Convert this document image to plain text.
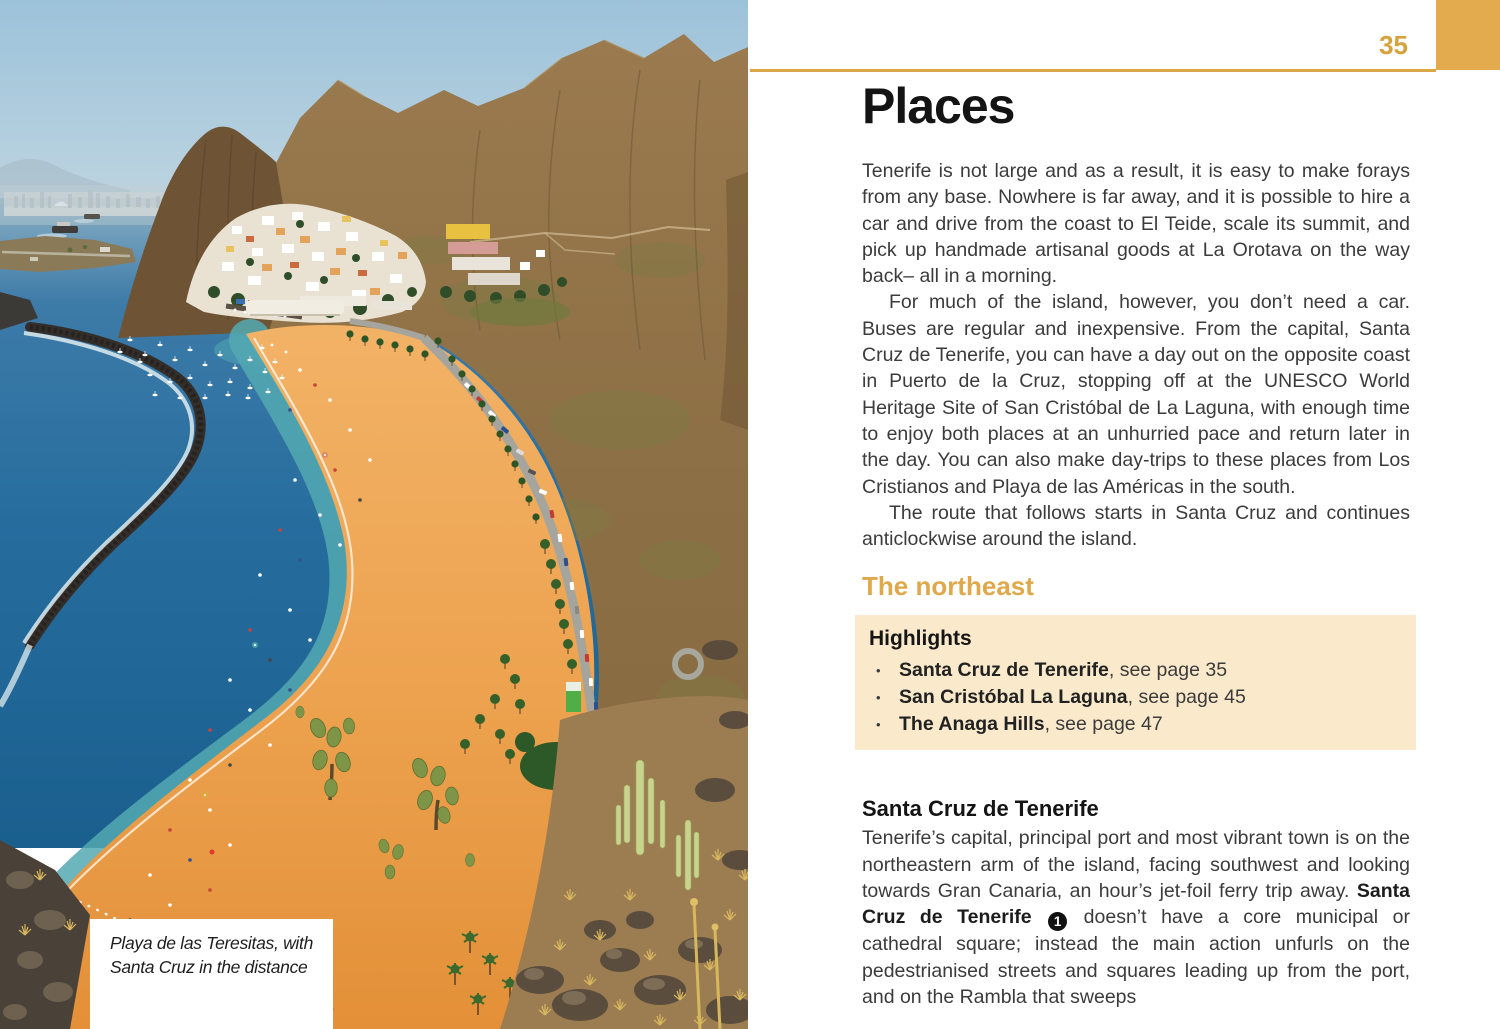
Playa de las Teresitas, with
Santa Cruz in the distance
35
Places

Tenerife is not large and as a result, it is easy to make forays from any base. Nowhere is far away, and it is possible to hire a car and drive from the coast to El Teide, scale its summit, and pick up handmade artisanal goods at La Orotava on the way back– all in a morning.

For much of the island, however, you don’t need a car. Buses are regular and inexpensive. From the capital, Santa Cruz de Tenerife, you can have a day out on the opposite coast in Puerto de la Cruz, stopping off at the UNESCO World Heritage Site of San Cristóbal de La Laguna, with enough time to enjoy both places at an unhurried pace and return later in the day. You can also make day-trips to these places from Los Cristianos and Playa de las Américas in the south.

The route that follows starts in Santa Cruz and continues anticlockwise around the island.

The northeast
Highlights
• Santa Cruz de Tenerife, see page 35
• San Cristóbal La Laguna, see page 45
• The Anaga Hills, see page 47
Santa Cruz de Tenerife

Tenerife’s capital, principal port and most vibrant town is on the northeastern arm of the island, facing southwest and looking towards Gran Canaria, an hour’s jet-foil ferry trip away. Santa Cruz de Tenerife 1 doesn’t have a core municipal or cathedral square; instead the main action unfurls on the pedestrianised streets and squares leading up from the port, and on the Rambla that sweeps
